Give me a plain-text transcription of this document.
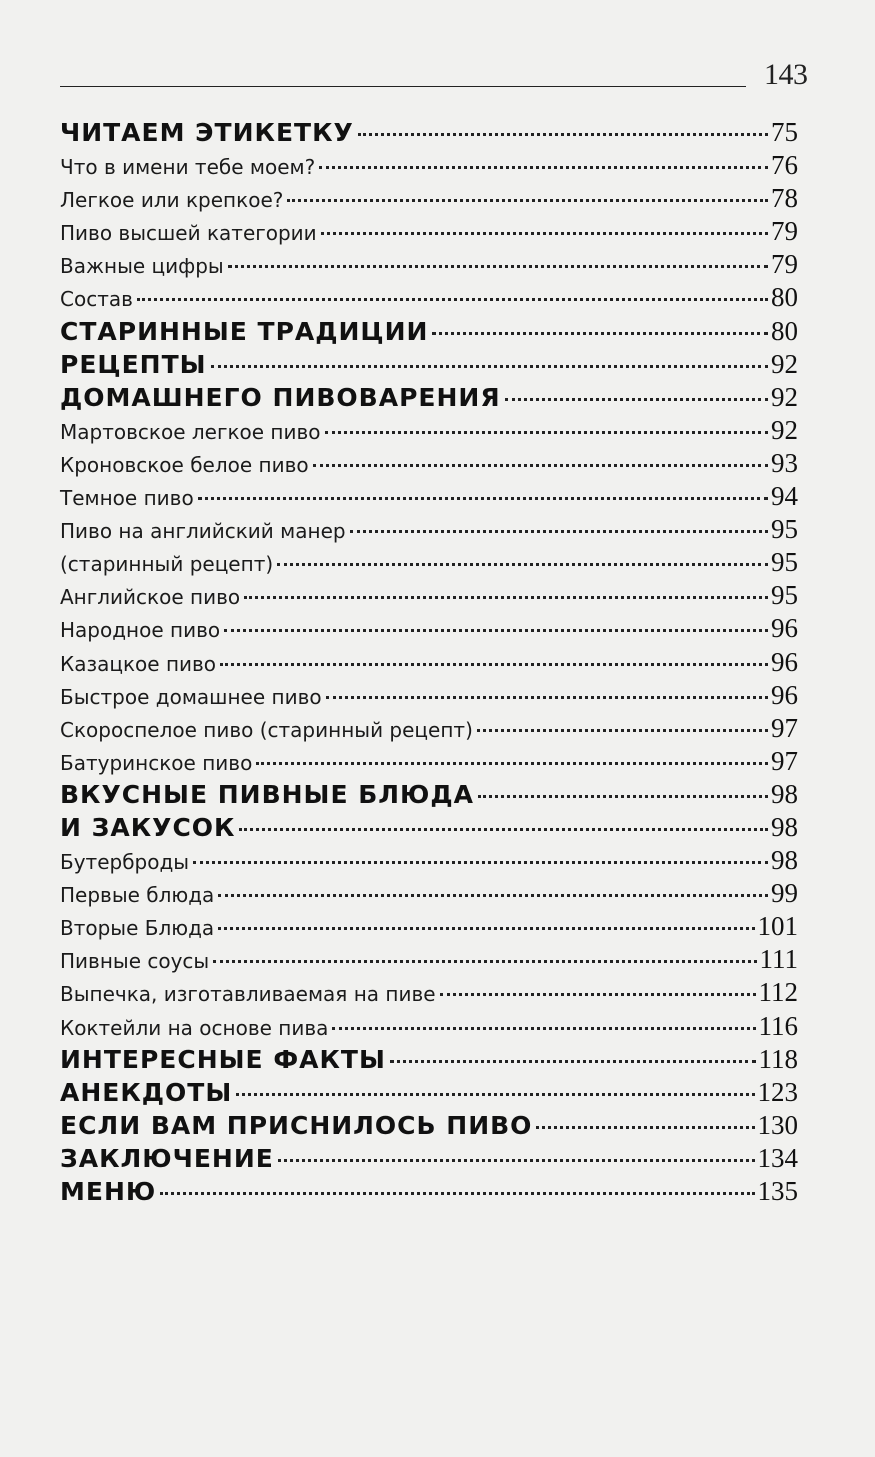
143
ЧИТАЕМ ЭТИКЕТКУ	75
Что в имени тебе моем?	76
Легкое или крепкое?	78
Пиво высшей категории	79
Важные цифры	79
Состав	80
СТАРИННЫЕ ТРАДИЦИИ	80
РЕЦЕПТЫ	92
ДОМАШНЕГО ПИВОВАРЕНИЯ	92
Мартовское легкое пиво	92
Кроновское белое пиво	93
Темное пиво	94
Пиво на английский манер	95
(старинный рецепт)	95
Английское пиво	95
Народное пиво	96
Казацкое пиво	96
Быстрое домашнее пиво	96
Скороспелое пиво (старинный рецепт)	97
Батуринское пиво	97
ВКУСНЫЕ ПИВНЫЕ БЛЮДА	98
И ЗАКУСОК	98
Бутерброды	98
Первые блюда	99
Вторые Блюда	101
Пивные соусы	111
Выпечка, изготавливаемая на пиве	112
Коктейли на основе пива	116
ИНТЕРЕСНЫЕ ФАКТЫ	118
АНЕКДОТЫ	123
ЕСЛИ ВАМ ПРИСНИЛОСЬ ПИВО	130
ЗАКЛЮЧЕНИЕ	134
МЕНЮ	135
